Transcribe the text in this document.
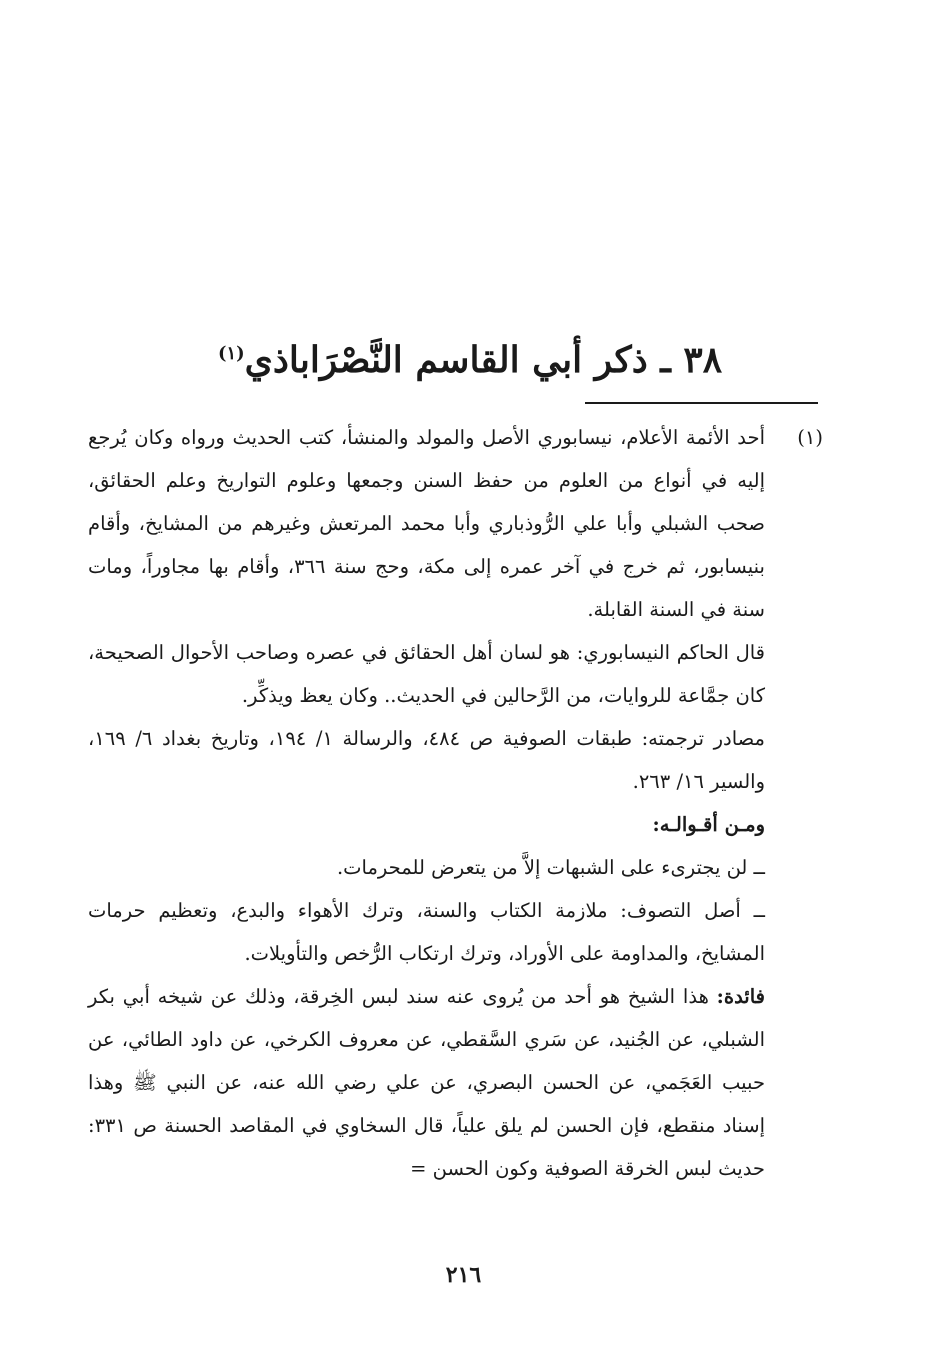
٣٨ ـ ذكر أبي القاسم النَّصْرَاباذي$^{(١)}$
(١)

أحد الأئمة الأعلام، نيسابوري الأصل والمولد والمنشأ، كتب الحديث ورواه وكان يُرجع إليه في أنواع من العلوم من حفظ السنن وجمعها وعلوم التواريخ وعلم الحقائق، صحب الشبلي وأبا علي الرُّوذباري وأبا محمد المرتعش وغيرهم من المشايخ، وأقام بنيسابور، ثم خرج في آخر عمره إلى مكة، وحج سنة ٣٦٦، وأقام بها مجاوراً، ومات سنة في السنة القابلة.

قال الحاكم النيسابوري: هو لسان أهل الحقائق في عصره وصاحب الأحوال الصحيحة، كان جمَّاعة للروايات، من الرَّحالين في الحديث.. وكان يعظ ويذكِّر.

مصادر ترجمته: طبقات الصوفية ص ٤٨٤، والرسالة ١/ ١٩٤، وتاريخ بغداد ٦/ ١٦٩، والسير ١٦/ ٢٦٣.

ومـن أقـوالـه:

ــ لن يجترىء على الشبهات إلاَّ من يتعرض للمحرمات.

ــ أصل التصوف: ملازمة الكتاب والسنة، وترك الأهواء والبدع، وتعظيم حرمات المشايخ، والمداومة على الأوراد، وترك ارتكاب الرُّخص والتأويلات.

فائدة: هذا الشيخ هو أحد من يُروى عنه سند لبس الخِرقة، وذلك عن شيخه أبي بكر الشبلي، عن الجُنيد، عن سَري السَّقطي، عن معروف الكرخي، عن داود الطائي، عن حبيب العَجَمي، عن الحسن البصري، عن علي رضي الله عنه، عن النبي ﷺ وهذا إسناد منقطع، فإن الحسن لم يلق علياً، قال السخاوي في المقاصد الحسنة ص ٣٣١: حديث لبس الخرقة الصوفية وكون الحسن =

٢١٦
